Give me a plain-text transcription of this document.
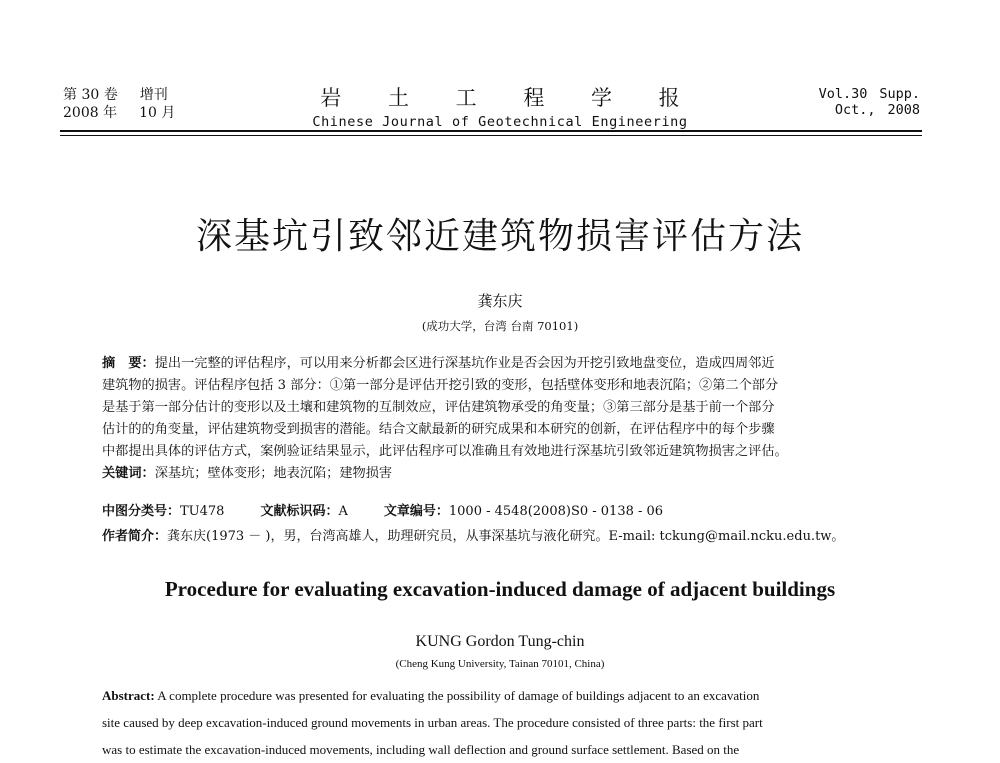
第 30 卷 增刊
2008 年 10 月
岩 土 工 程 学 报
Chinese Journal of Geotechnical Engineering
Vol.30 Supp.
Oct., 2008
深基坑引致邻近建筑物损害评估方法
龚东庆
(成功大学，台湾 台南 70101)
摘　要：提出一完整的评估程序，可以用来分析都会区进行深基坑作业是否会因为开挖引致地盘变位，造成四周邻近
建筑物的损害。评估程序包括 3 部分：①第一部分是评估开挖引致的变形，包括壁体变形和地表沉陷；②第二个部分
是基于第一部分估计的变形以及土壤和建筑物的互制效应，评估建筑物承受的角变量；③第三部分是基于前一个部分
估计的的角变量，评估建筑物受到损害的潜能。结合文献最新的研究成果和本研究的创新，在评估程序中的每个步骤
中都提出具体的评估方式，案例验证结果显示，此评估程序可以准确且有效地进行深基坑引致邻近建筑物损害之评估。
关键词：深基坑；壁体变形；地表沉陷；建物损害
中图分类号：TU478	文献标识码：A	文章编号：1000 - 4548(2008)S0 - 0138 - 06
作者简介：龚东庆(1973 － )，男，台湾高雄人，助理研究员，从事深基坑与液化研究。E-mail: tckung@mail.ncku.edu.tw。
Procedure for evaluating excavation-induced damage of adjacent buildings
KUNG Gordon Tung-chin
(Cheng Kung University, Tainan 70101, China)
Abstract: A complete procedure was presented for evaluating the possibility of damage of buildings adjacent to an excavation
site caused by deep excavation-induced ground movements in urban areas. The procedure consisted of three parts: the first part
was to estimate the excavation-induced movements, including wall deflection and ground surface settlement. Based on the
